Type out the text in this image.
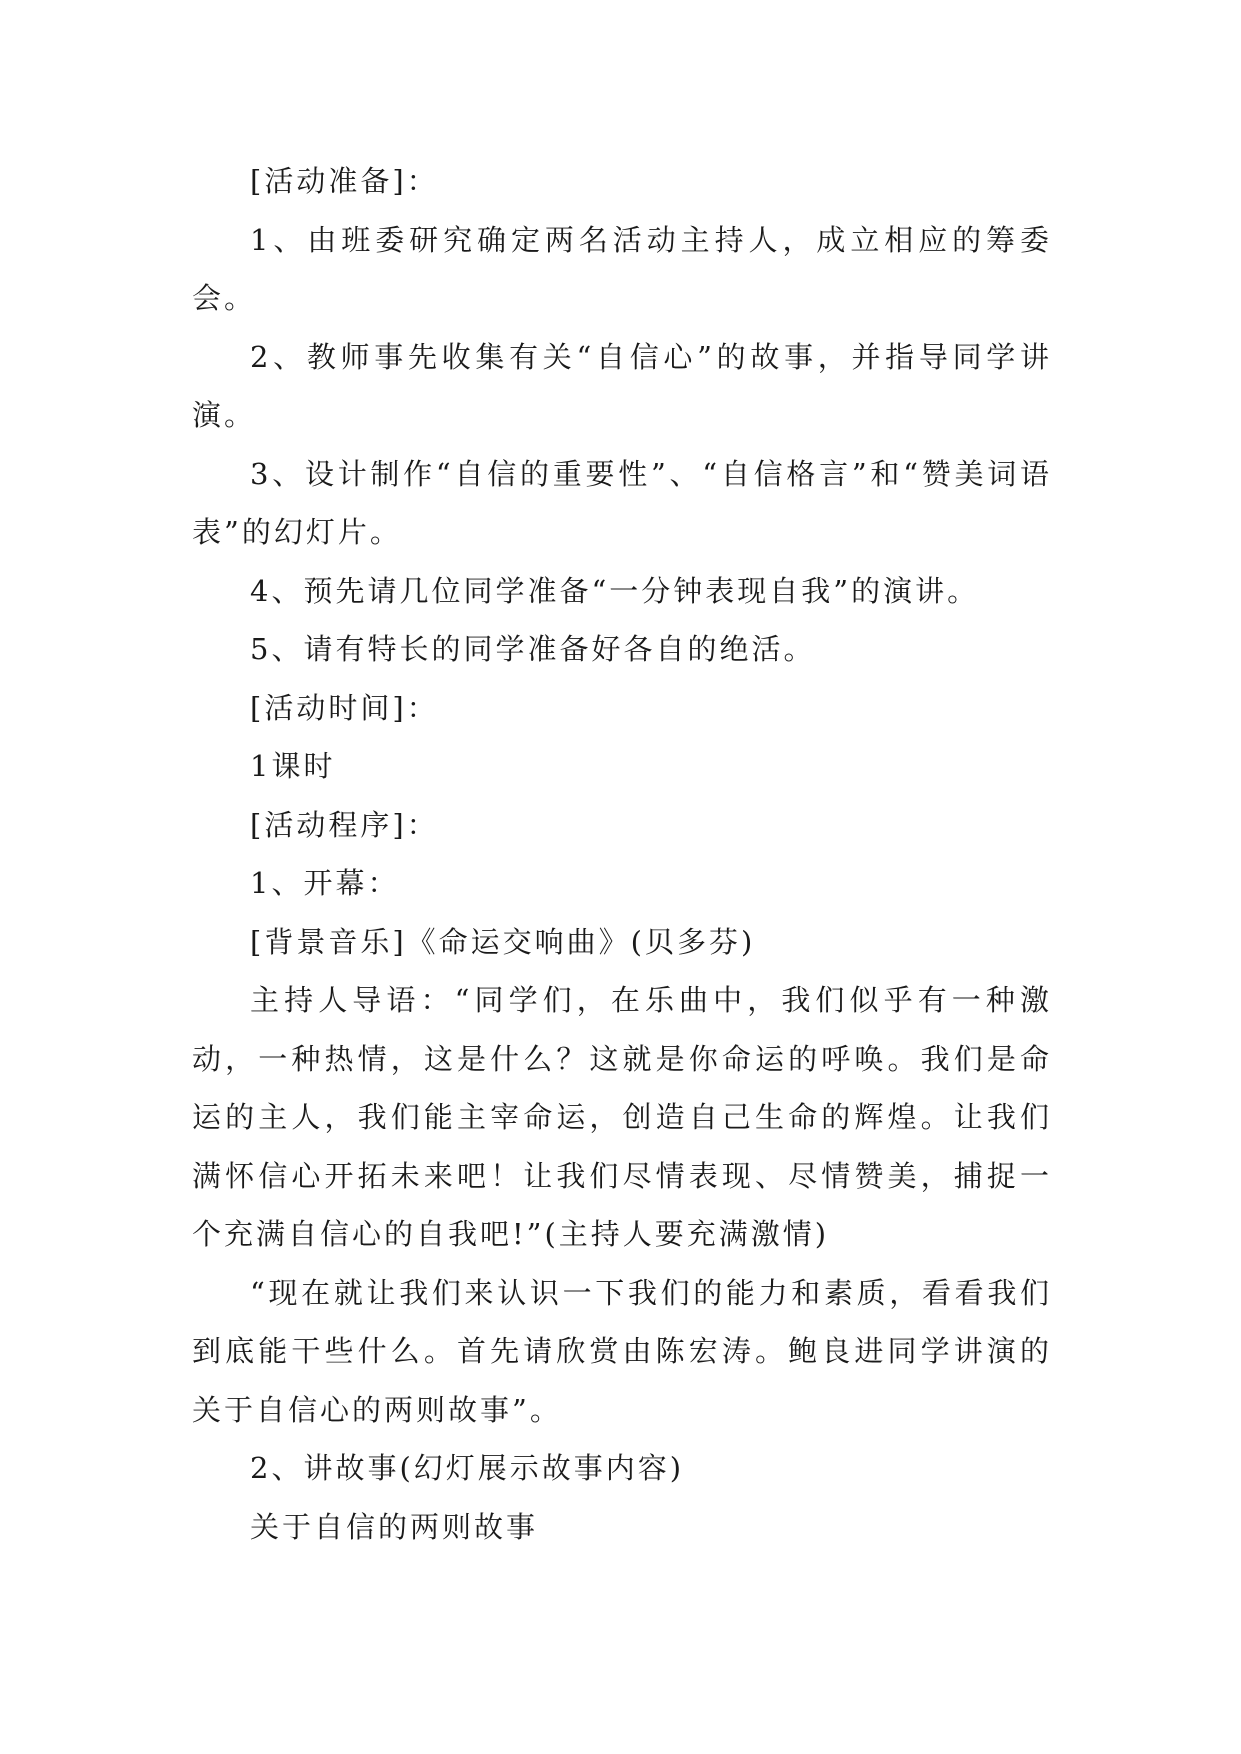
[活动准备]：

1、由班委研究确定两名活动主持人，成立相应的筹委会。

2、教师事先收集有关“自信心”的故事，并指导同学讲演。

3、设计制作“自信的重要性”、“自信格言”和“赞美词语表”的幻灯片。

4、预先请几位同学准备“一分钟表现自我”的演讲。

5、请有特长的同学准备好各自的绝活。

[活动时间]：

1课时

[活动程序]：

1、开幕：

[背景音乐]《命运交响曲》(贝多芬)

主持人导语：“同学们，在乐曲中，我们似乎有一种激动，一种热情，这是什么？这就是你命运的呼唤。我们是命运的主人，我们能主宰命运，创造自己生命的辉煌。让我们满怀信心开拓未来吧！让我们尽情表现、尽情赞美，捕捉一个充满自信心的自我吧!”(主持人要充满激情)

“现在就让我们来认识一下我们的能力和素质，看看我们到底能干些什么。首先请欣赏由陈宏涛。鲍良进同学讲演的关于自信心的两则故事”。

2、讲故事(幻灯展示故事内容)

关于自信的两则故事
